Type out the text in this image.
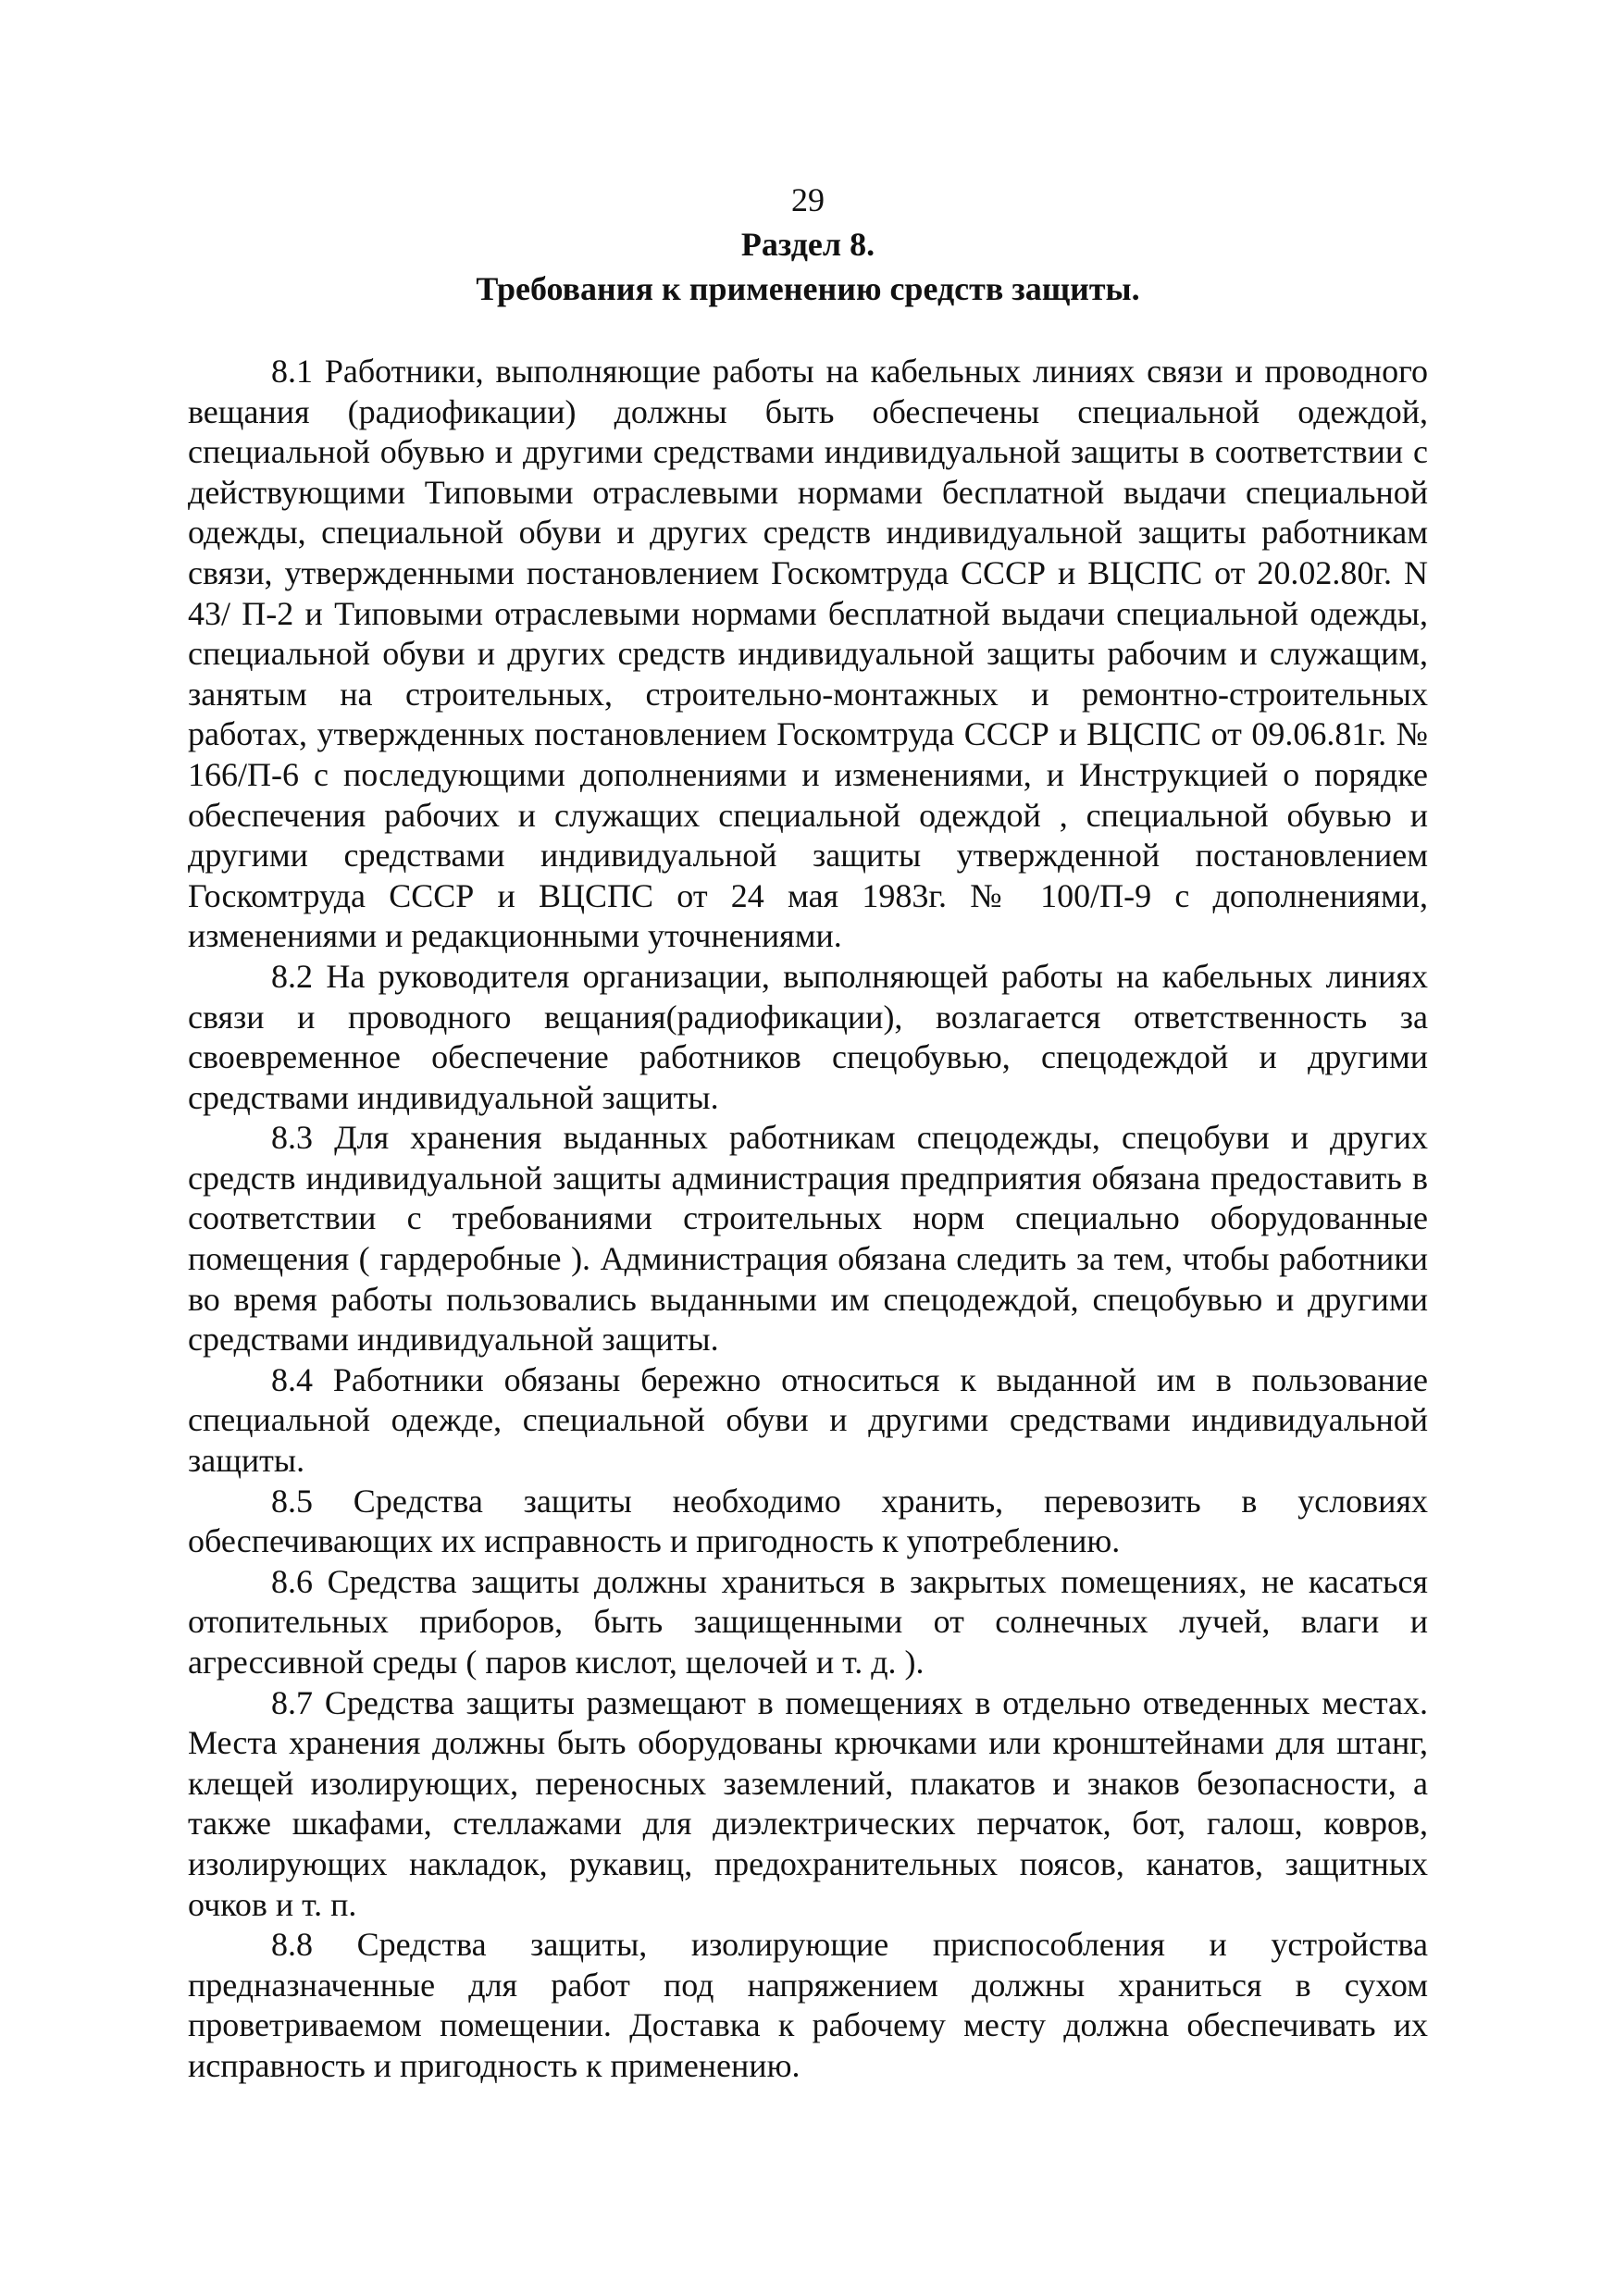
29

Раздел 8.

Требования к применению средств защиты.

8.1 Работники, выполняющие работы на кабельных линиях связи и проводного вещания (радиофикации) должны быть обеспечены специальной одеждой, специальной обувью и другими средствами индивидуальной защиты в соответствии с действующими Типовыми отраслевыми нормами бесплатной выдачи специальной одежды, специальной обуви и других средств индивидуальной защиты работникам связи, утвержденными постановлением Госкомтруда СССР и ВЦСПС от 20.02.80г. N 43/ П-2 и Типовыми отраслевыми нормами бесплатной выдачи специальной одежды, специальной обуви и других средств индивидуальной защиты рабочим и служащим, занятым на строительных, строительно-монтажных и ремонтно-строительных работах, утвержденных постановлением Госкомтруда СССР и ВЦСПС от 09.06.81г. № 166/П-6 с последующими дополнениями и изменениями, и Инструкцией о порядке обеспечения рабочих и служащих специальной одеждой , специальной обувью и другими средствами индивидуальной защиты утвержденной постановлением Госкомтруда СССР и ВЦСПС от 24 мая 1983г. № 100/П-9 с дополнениями, изменениями и редакционными уточнениями.

8.2 На руководителя организации, выполняющей работы на кабельных линиях связи и проводного вещания(радиофикации), возлагается ответственность за своевременное обеспечение работников спецобувью, спецодеждой и другими средствами индивидуальной защиты.

8.3 Для хранения выданных работникам спецодежды, спецобуви и других средств индивидуальной защиты администрация предприятия обязана предоставить в соответствии с требованиями строительных норм специально оборудованные помещения ( гардеробные ). Администрация обязана следить за тем, чтобы работники во время работы пользовались выданными им спецодеждой, спецобувью и другими средствами индивидуальной защиты.

8.4 Работники обязаны бережно относиться к выданной им в пользование специальной одежде, специальной обуви и другими средствами индивидуальной защиты.

8.5 Средства защиты необходимо хранить, перевозить в условиях обеспечивающих их исправность и пригодность к употреблению.

8.6 Средства защиты должны храниться в закрытых помещениях, не касаться отопительных приборов, быть защищенными от солнечных лучей, влаги и агрессивной среды ( паров кислот, щелочей и т. д. ).

8.7 Средства защиты размещают в помещениях в отдельно отведенных местах. Места хранения должны быть оборудованы крючками или кронштейнами для штанг, клещей изолирующих, переносных заземлений, плакатов и знаков безопасности, а также шкафами, стеллажами для диэлектрических перчаток, бот, галош, ковров, изолирующих накладок, рукавиц, предохранительных поясов, канатов, защитных очков и т. п.

8.8 Средства защиты, изолирующие приспособления и устройства предназначенные для работ под напряжением должны храниться в сухом проветриваемом помещении. Доставка к рабочему месту должна обеспечивать их исправность и пригодность к применению.
